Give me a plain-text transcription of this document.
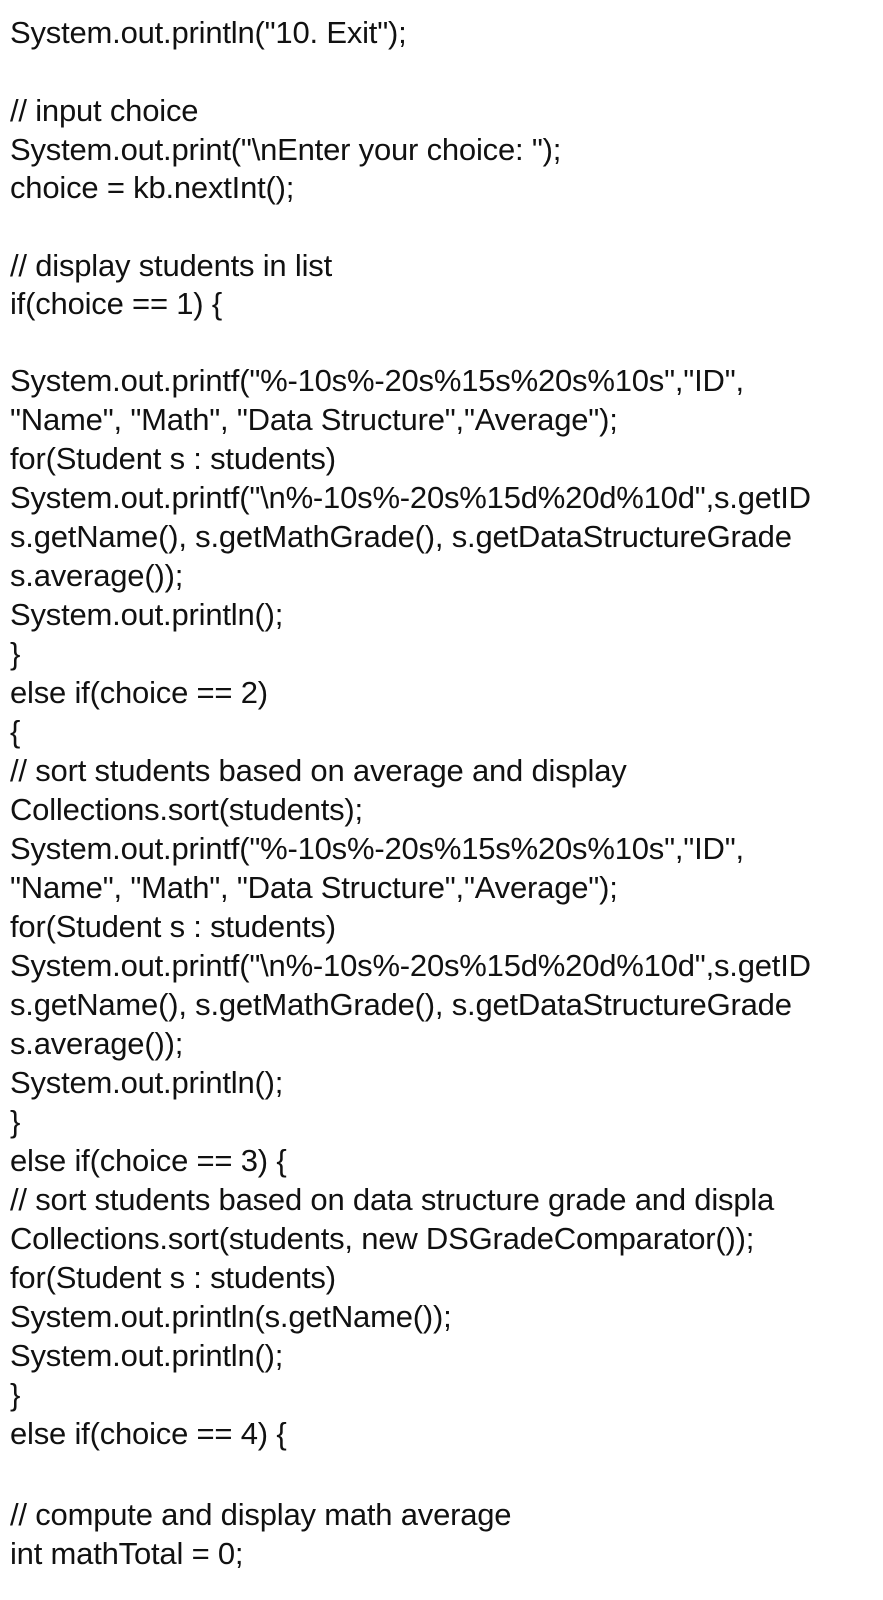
System.out.println("10. Exit");

// input choice

System.out.print("\nEnter your choice: ");

choice = kb.nextInt();

// display students in list

if(choice == 1) {

System.out.printf("%-10s%-20s%15s%20s%10s","ID",

"Name", "Math", "Data Structure","Average");

for(Student s : students)

System.out.printf("\n%-10s%-20s%15d%20d%10d",s.getID

s.getName(), s.getMathGrade(), s.getDataStructureGrade

s.average());

System.out.println();

}

else if(choice == 2)

{

// sort students based on average and display

Collections.sort(students);

System.out.printf("%-10s%-20s%15s%20s%10s","ID",

"Name", "Math", "Data Structure","Average");

for(Student s : students)

System.out.printf("\n%-10s%-20s%15d%20d%10d",s.getID

s.getName(), s.getMathGrade(), s.getDataStructureGrade

s.average());

System.out.println();

}

else if(choice == 3) {

// sort students based on data structure grade and displa

Collections.sort(students, new DSGradeComparator());

for(Student s : students)

System.out.println(s.getName());

System.out.println();

}

else if(choice == 4) {

// compute and display math average

int mathTotal = 0;
